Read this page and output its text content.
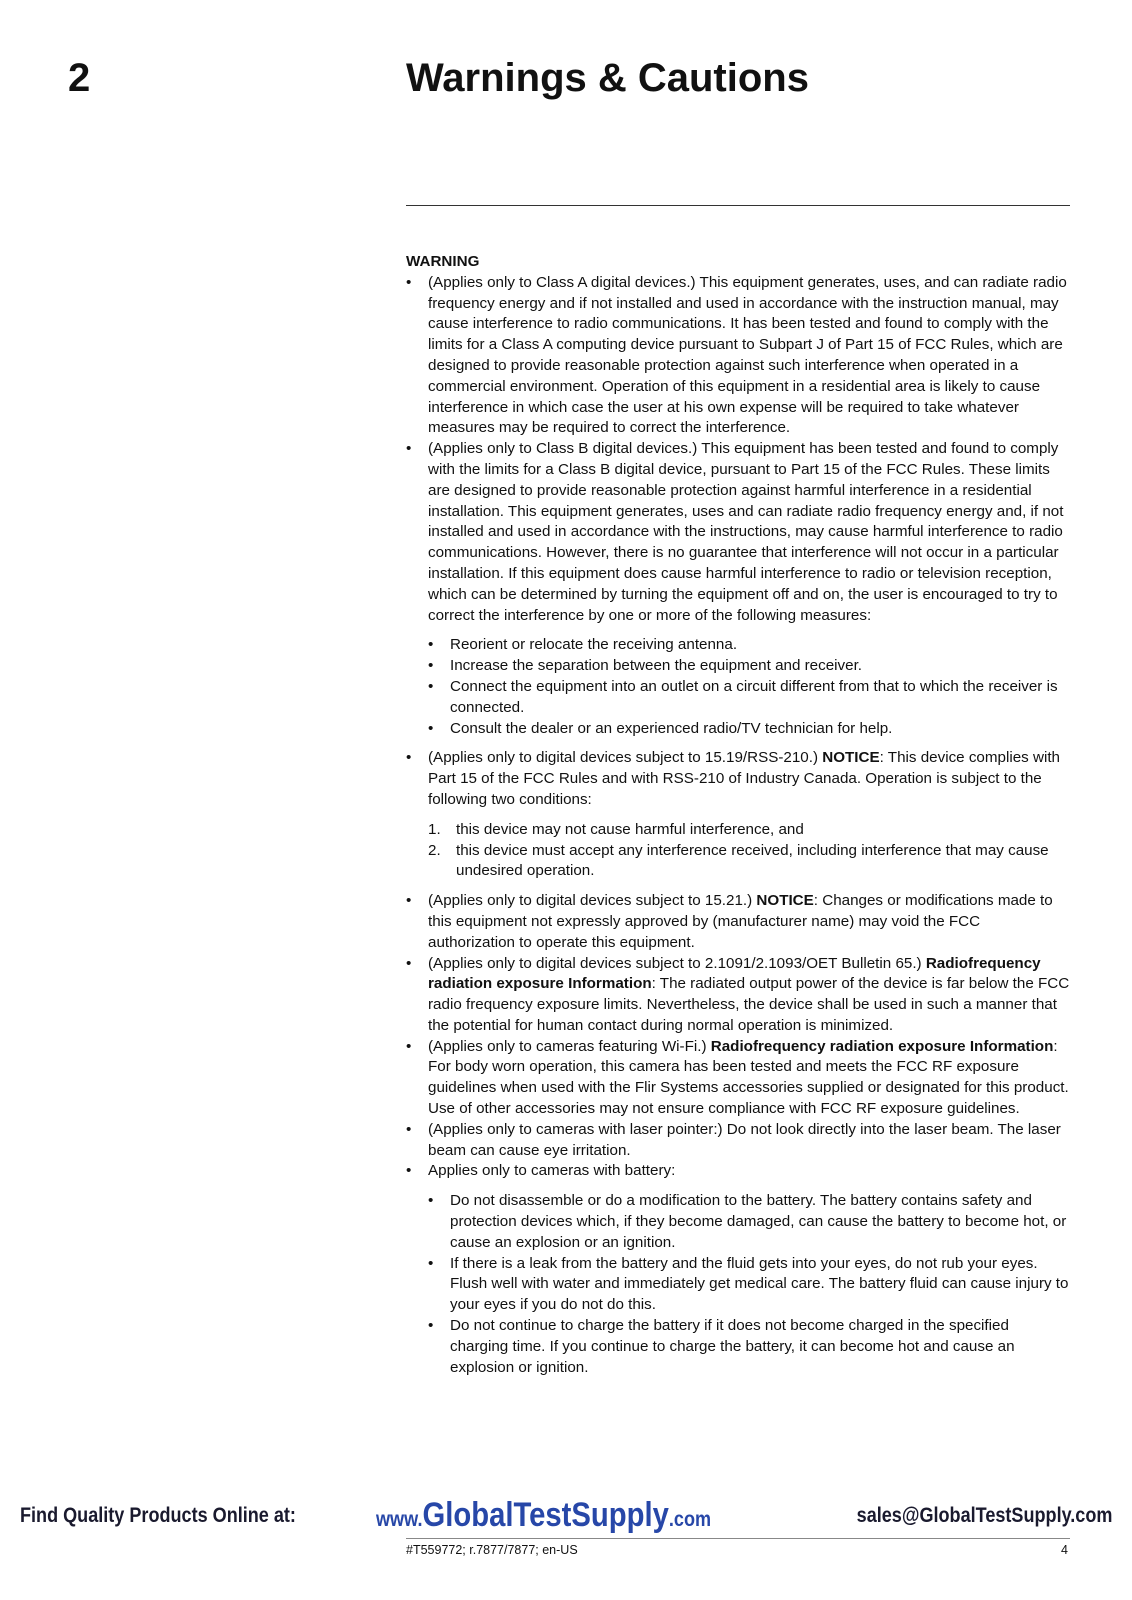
2	Warnings & Cautions

WARNING

• (Applies only to Class A digital devices.) This equipment generates, uses, and can radiate radio frequency energy and if not installed and used in accordance with the instruction manual, may cause interference to radio communications. It has been tested and found to comply with the limits for a Class A computing device pursuant to Subpart J of Part 15 of FCC Rules, which are designed to provide reasonable protection against such interference when operated in a commercial environment. Operation of this equipment in a residential area is likely to cause interference in which case the user at his own expense will be required to take whatever measures may be required to correct the interference.
• (Applies only to Class B digital devices.) This equipment has been tested and found to comply with the limits for a Class B digital device, pursuant to Part 15 of the FCC Rules. These limits are designed to provide reasonable protection against harmful interference in a residential installation. This equipment generates, uses and can radiate radio frequency energy and, if not installed and used in accordance with the instructions, may cause harmful interference to radio communications. However, there is no guarantee that interference will not occur in a particular installation. If this equipment does cause harmful interference to radio or television reception, which can be determined by turning the equipment off and on, the user is encouraged to try to correct the interference by one or more of the following measures:
• Reorient or relocate the receiving antenna.
• Increase the separation between the equipment and receiver.
• Connect the equipment into an outlet on a circuit different from that to which the receiver is connected.
• Consult the dealer or an experienced radio/TV technician for help.
• (Applies only to digital devices subject to 15.19/RSS-210.) NOTICE: This device complies with Part 15 of the FCC Rules and with RSS-210 of Industry Canada. Operation is subject to the following two conditions:
1. this device may not cause harmful interference, and
2. this device must accept any interference received, including interference that may cause undesired operation.
• (Applies only to digital devices subject to 15.21.) NOTICE: Changes or modifications made to this equipment not expressly approved by (manufacturer name) may void the FCC authorization to operate this equipment.
• (Applies only to digital devices subject to 2.1091/2.1093/OET Bulletin 65.) Radiofrequency radiation exposure Information: The radiated output power of the device is far below the FCC radio frequency exposure limits. Nevertheless, the device shall be used in such a manner that the potential for human contact during normal operation is minimized.
• (Applies only to cameras featuring Wi-Fi.) Radiofrequency radiation exposure Information: For body worn operation, this camera has been tested and meets the FCC RF exposure guidelines when used with the Flir Systems accessories supplied or designated for this product. Use of other accessories may not ensure compliance with FCC RF exposure guidelines.
• (Applies only to cameras with laser pointer:) Do not look directly into the laser beam. The laser beam can cause eye irritation.
• Applies only to cameras with battery:
• Do not disassemble or do a modification to the battery. The battery contains safety and protection devices which, if they become damaged, can cause the battery to become hot, or cause an explosion or an ignition.
• If there is a leak from the battery and the fluid gets into your eyes, do not rub your eyes. Flush well with water and immediately get medical care. The battery fluid can cause injury to your eyes if you do not do this.
• Do not continue to charge the battery if it does not become charged in the specified charging time. If you continue to charge the battery, it can become hot and cause an explosion or ignition.
Find Quality Products Online at:	www.GlobalTestSupply.com	sales@GlobalTestSupply.com
#T559772; r.7877/7877; en-US	4
